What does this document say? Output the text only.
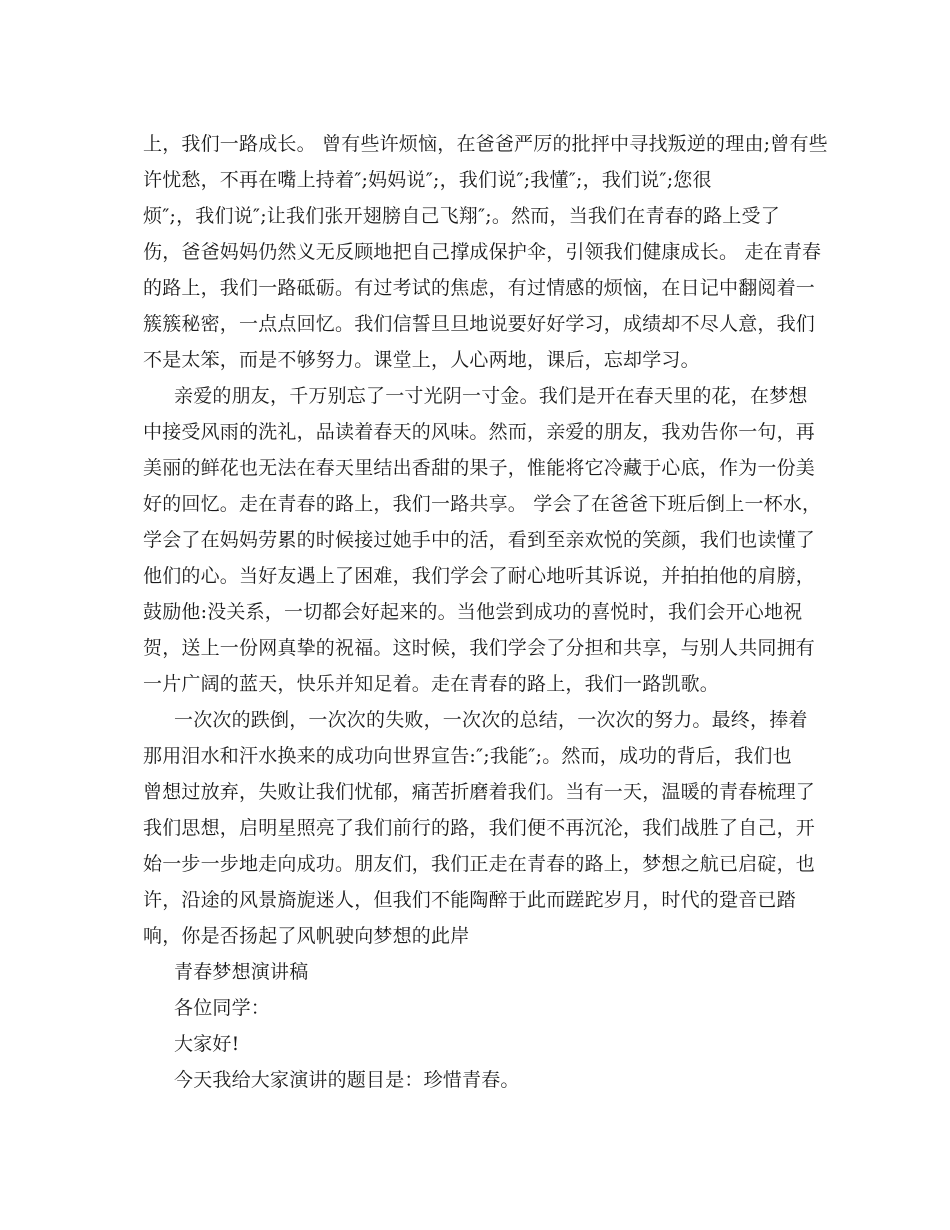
上，我们一路成长。 曾有些许烦恼，在爸爸严厉的批抨中寻找叛逆的理由;曾有些
许忧愁，不再在嘴上持着″;妈妈说″;，我们说″;我懂″;，我们说″;您很
烦″;，我们说″;让我们张开翅膀自己飞翔″;。然而，当我们在青春的路上受了
伤，爸爸妈妈仍然义无反顾地把自己撑成保护伞，引领我们健康成长。 走在青春
的路上，我们一路砥砺。有过考试的焦虑，有过情感的烦恼，在日记中翻阅着一
簇簇秘密，一点点回忆。我们信誓旦旦地说要好好学习，成绩却不尽人意，我们
不是太笨，而是不够努力。课堂上，人心两地，课后，忘却学习。
亲爱的朋友，千万别忘了一寸光阴一寸金。我们是开在春天里的花，在梦想
中接受风雨的洗礼，品读着春天的风味。然而，亲爱的朋友，我劝告你一句，再
美丽的鲜花也无法在春天里结出香甜的果子，惟能将它冷藏于心底，作为一份美
好的回忆。走在青春的路上，我们一路共享。 学会了在爸爸下班后倒上一杯水，
学会了在妈妈劳累的时候接过她手中的活，看到至亲欢悦的笑颜，我们也读懂了
他们的心。当好友遇上了困难，我们学会了耐心地听其诉说，并拍拍他的肩膀，
鼓励他:没关系，一切都会好起来的。当他尝到成功的喜悦时，我们会开心地祝
贺，送上一份网真挚的祝福。这时候，我们学会了分担和共享，与别人共同拥有
一片广阔的蓝天，快乐并知足着。走在青春的路上，我们一路凯歌。
一次次的跌倒，一次次的失败，一次次的总结，一次次的努力。最终，捧着
那用泪水和汗水换来的成功向世界宣告:″;我能″;。然而，成功的背后，我们也
曾想过放弃，失败让我们忧郁，痛苦折磨着我们。当有一天，温暖的青春梳理了
我们思想，启明星照亮了我们前行的路，我们便不再沉沦，我们战胜了自己，开
始一步一步地走向成功。朋友们，我们正走在青春的路上，梦想之航已启碇，也
许，沿途的风景旖旎迷人，但我们不能陶醉于此而蹉跎岁月，时代的跫音已踏
响，你是否扬起了风帆驶向梦想的此岸
青春梦想演讲稿
各位同学：
大家好!
今天我给大家演讲的题目是：珍惜青春。
